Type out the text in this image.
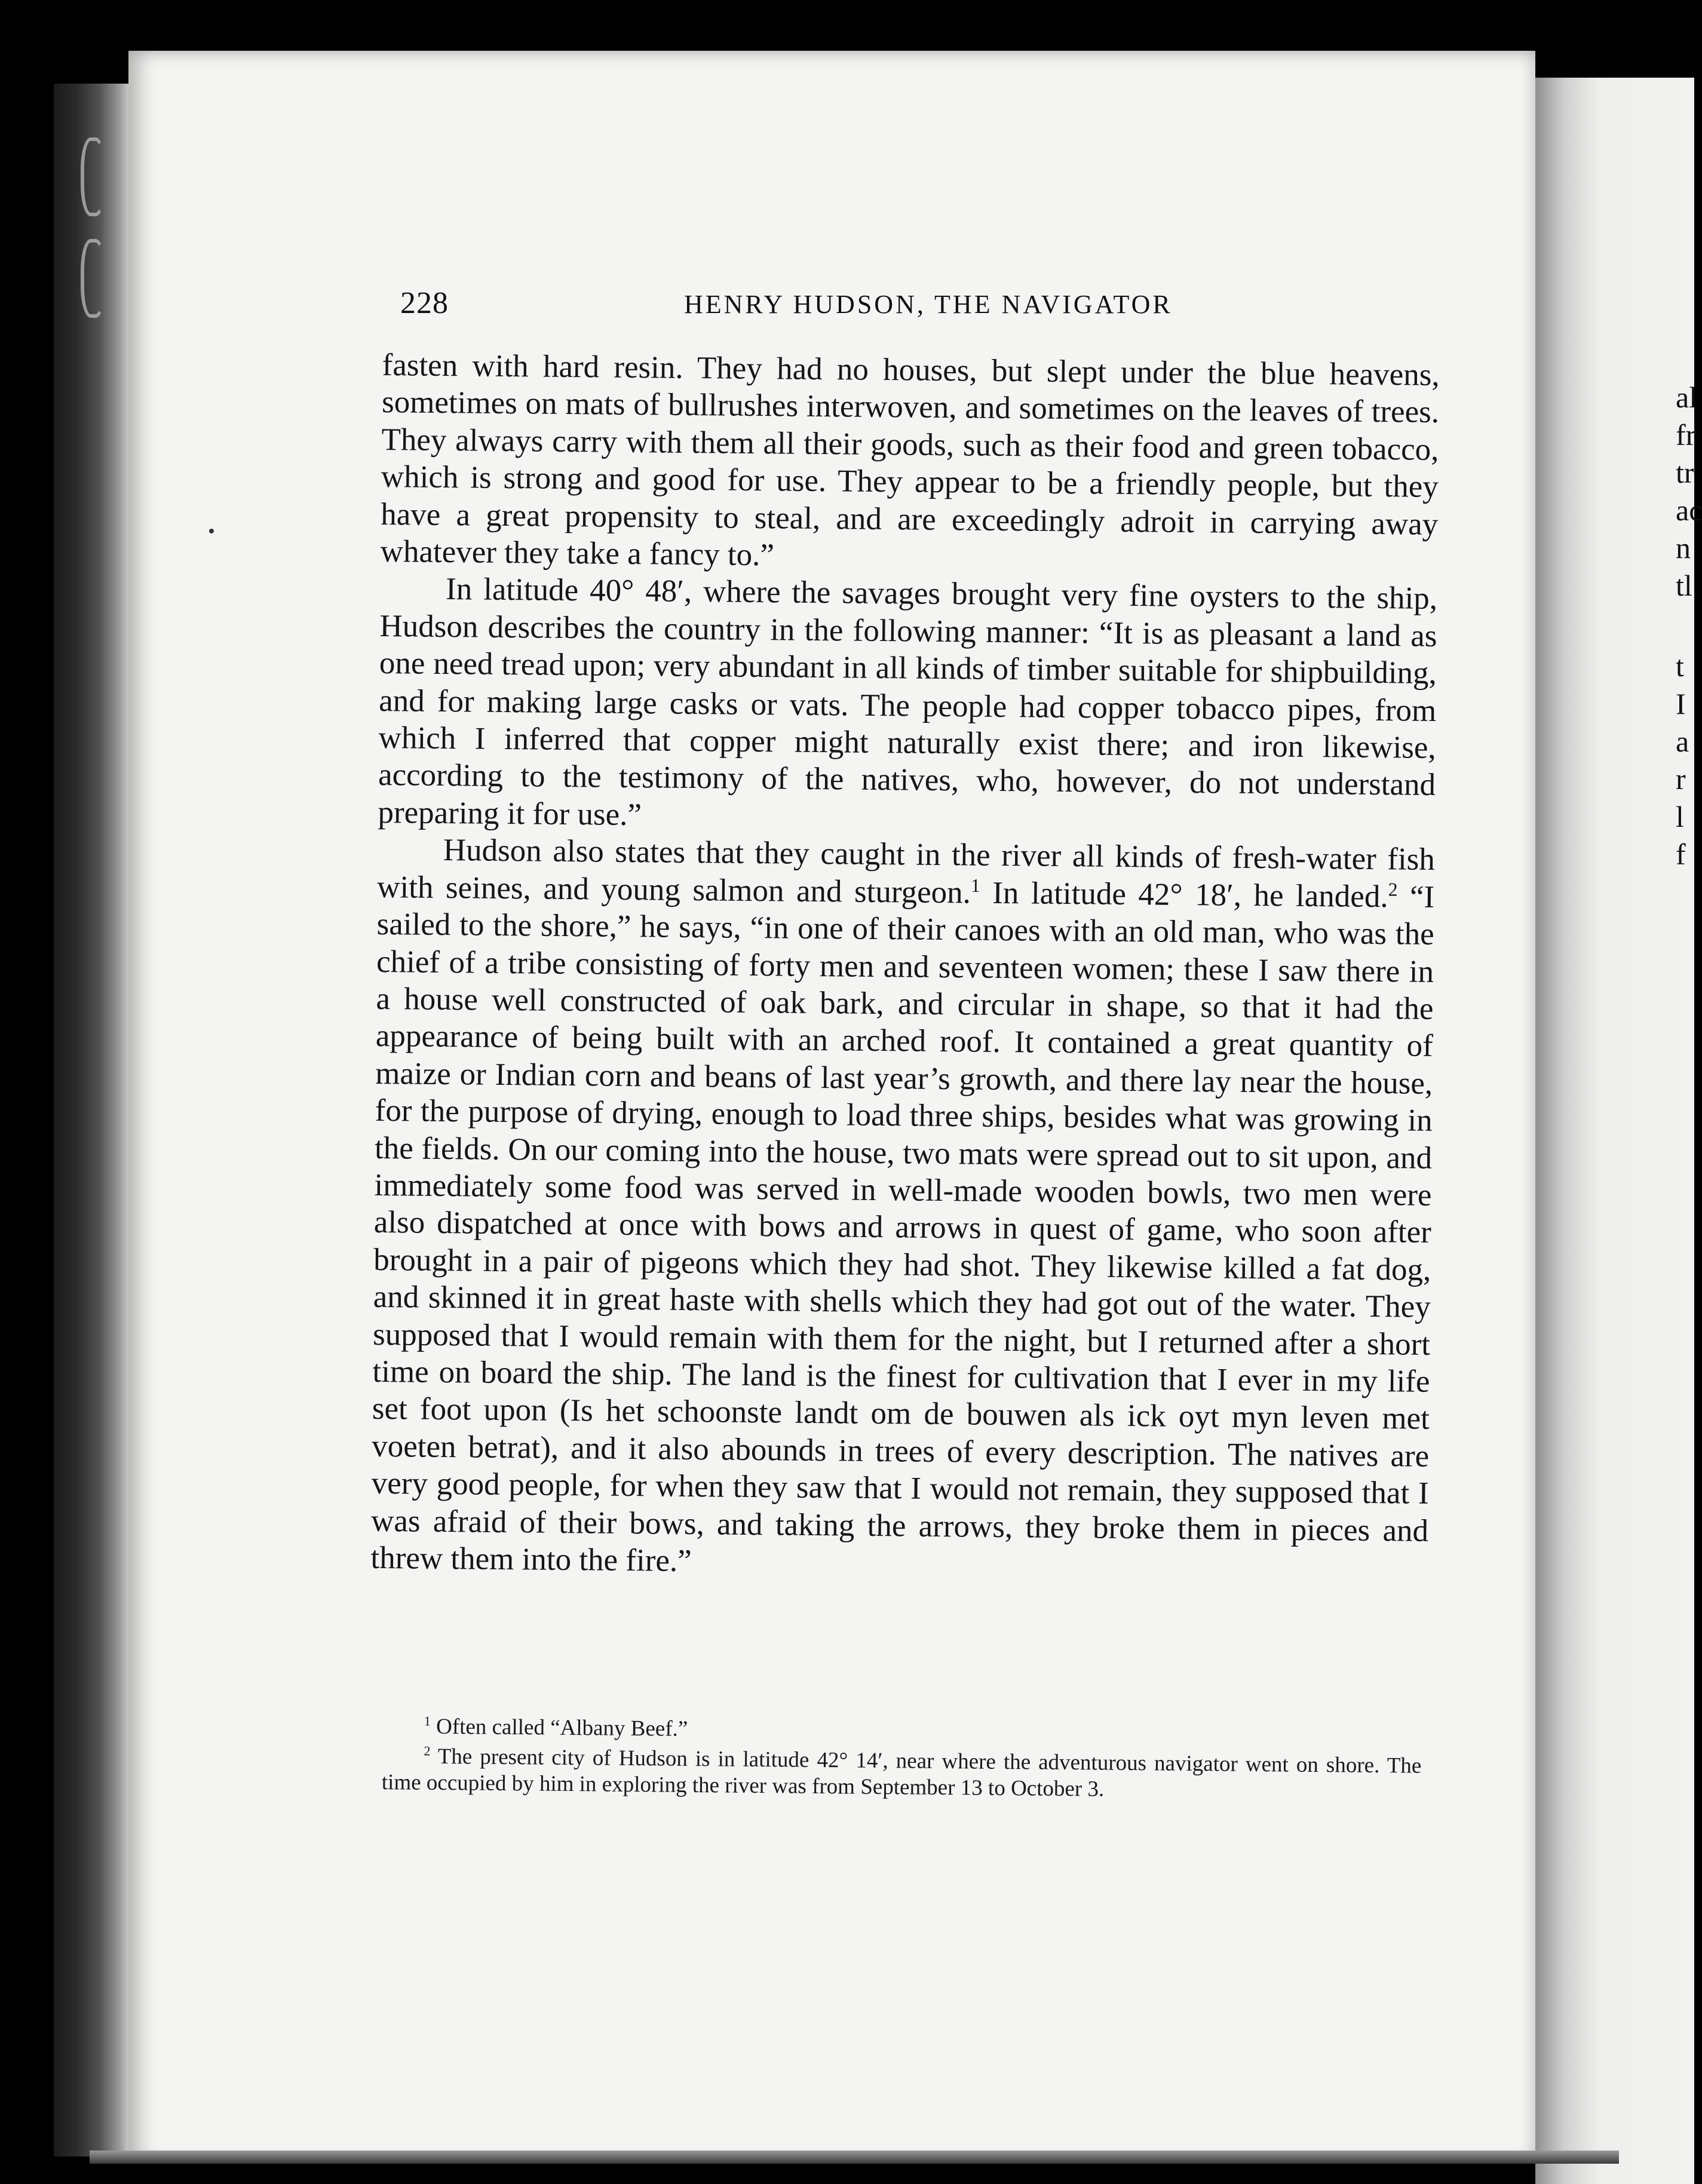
al
fr
tr
ac
n
tl
t
I
a
r
l
f
228	HENRY HUDSON, THE NAVIGATOR

fasten with hard resin. They had no houses, but slept under the blue heavens, sometimes on mats of bullrushes interwoven, and sometimes on the leaves of trees. They always carry with them all their goods, such as their food and green tobacco, which is strong and good for use. They appear to be a friendly people, but they have a great propensity to steal, and are exceedingly adroit in carrying away whatever they take a fancy to.”

In latitude 40° 48′, where the savages brought very fine oysters to the ship, Hudson describes the country in the following manner: “It is as pleasant a land as one need tread upon; very abundant in all kinds of timber suitable for shipbuilding, and for making large casks or vats. The people had copper tobacco pipes, from which I inferred that copper might naturally exist there; and iron likewise, according to the testimony of the natives, who, however, do not understand preparing it for use.”

Hudson also states that they caught in the river all kinds of fresh-water fish with seines, and young salmon and sturgeon.$^1$ In latitude 42° 18′, he landed.$^2$ “I sailed to the shore,” he says, “in one of their canoes with an old man, who was the chief of a tribe consisting of forty men and seventeen women; these I saw there in a house well constructed of oak bark, and circular in shape, so that it had the appearance of being built with an arched roof. It contained a great quantity of maize or Indian corn and beans of last year’s growth, and there lay near the house, for the purpose of drying, enough to load three ships, besides what was growing in the fields. On our coming into the house, two mats were spread out to sit upon, and immediately some food was served in well-made wooden bowls, two men were also dispatched at once with bows and arrows in quest of game, who soon after brought in a pair of pigeons which they had shot. They likewise killed a fat dog, and skinned it in great haste with shells which they had got out of the water. They supposed that I would remain with them for the night, but I returned after a short time on board the ship. The land is the finest for cultivation that I ever in my life set foot upon (Is het schoonste landt om de bouwen als ick oyt myn leven met voeten betrat), and it also abounds in trees of every description. The natives are very good people, for when they saw that I would not remain, they supposed that I was afraid of their bows, and taking the arrows, they broke them in pieces and threw them into the fire.”

$^1$ Often called “Albany Beef.”

$^2$ The present city of Hudson is in latitude 42° 14′, near where the adventurous navigator went on shore. The time occupied by him in exploring the river was from September 13 to October 3.
